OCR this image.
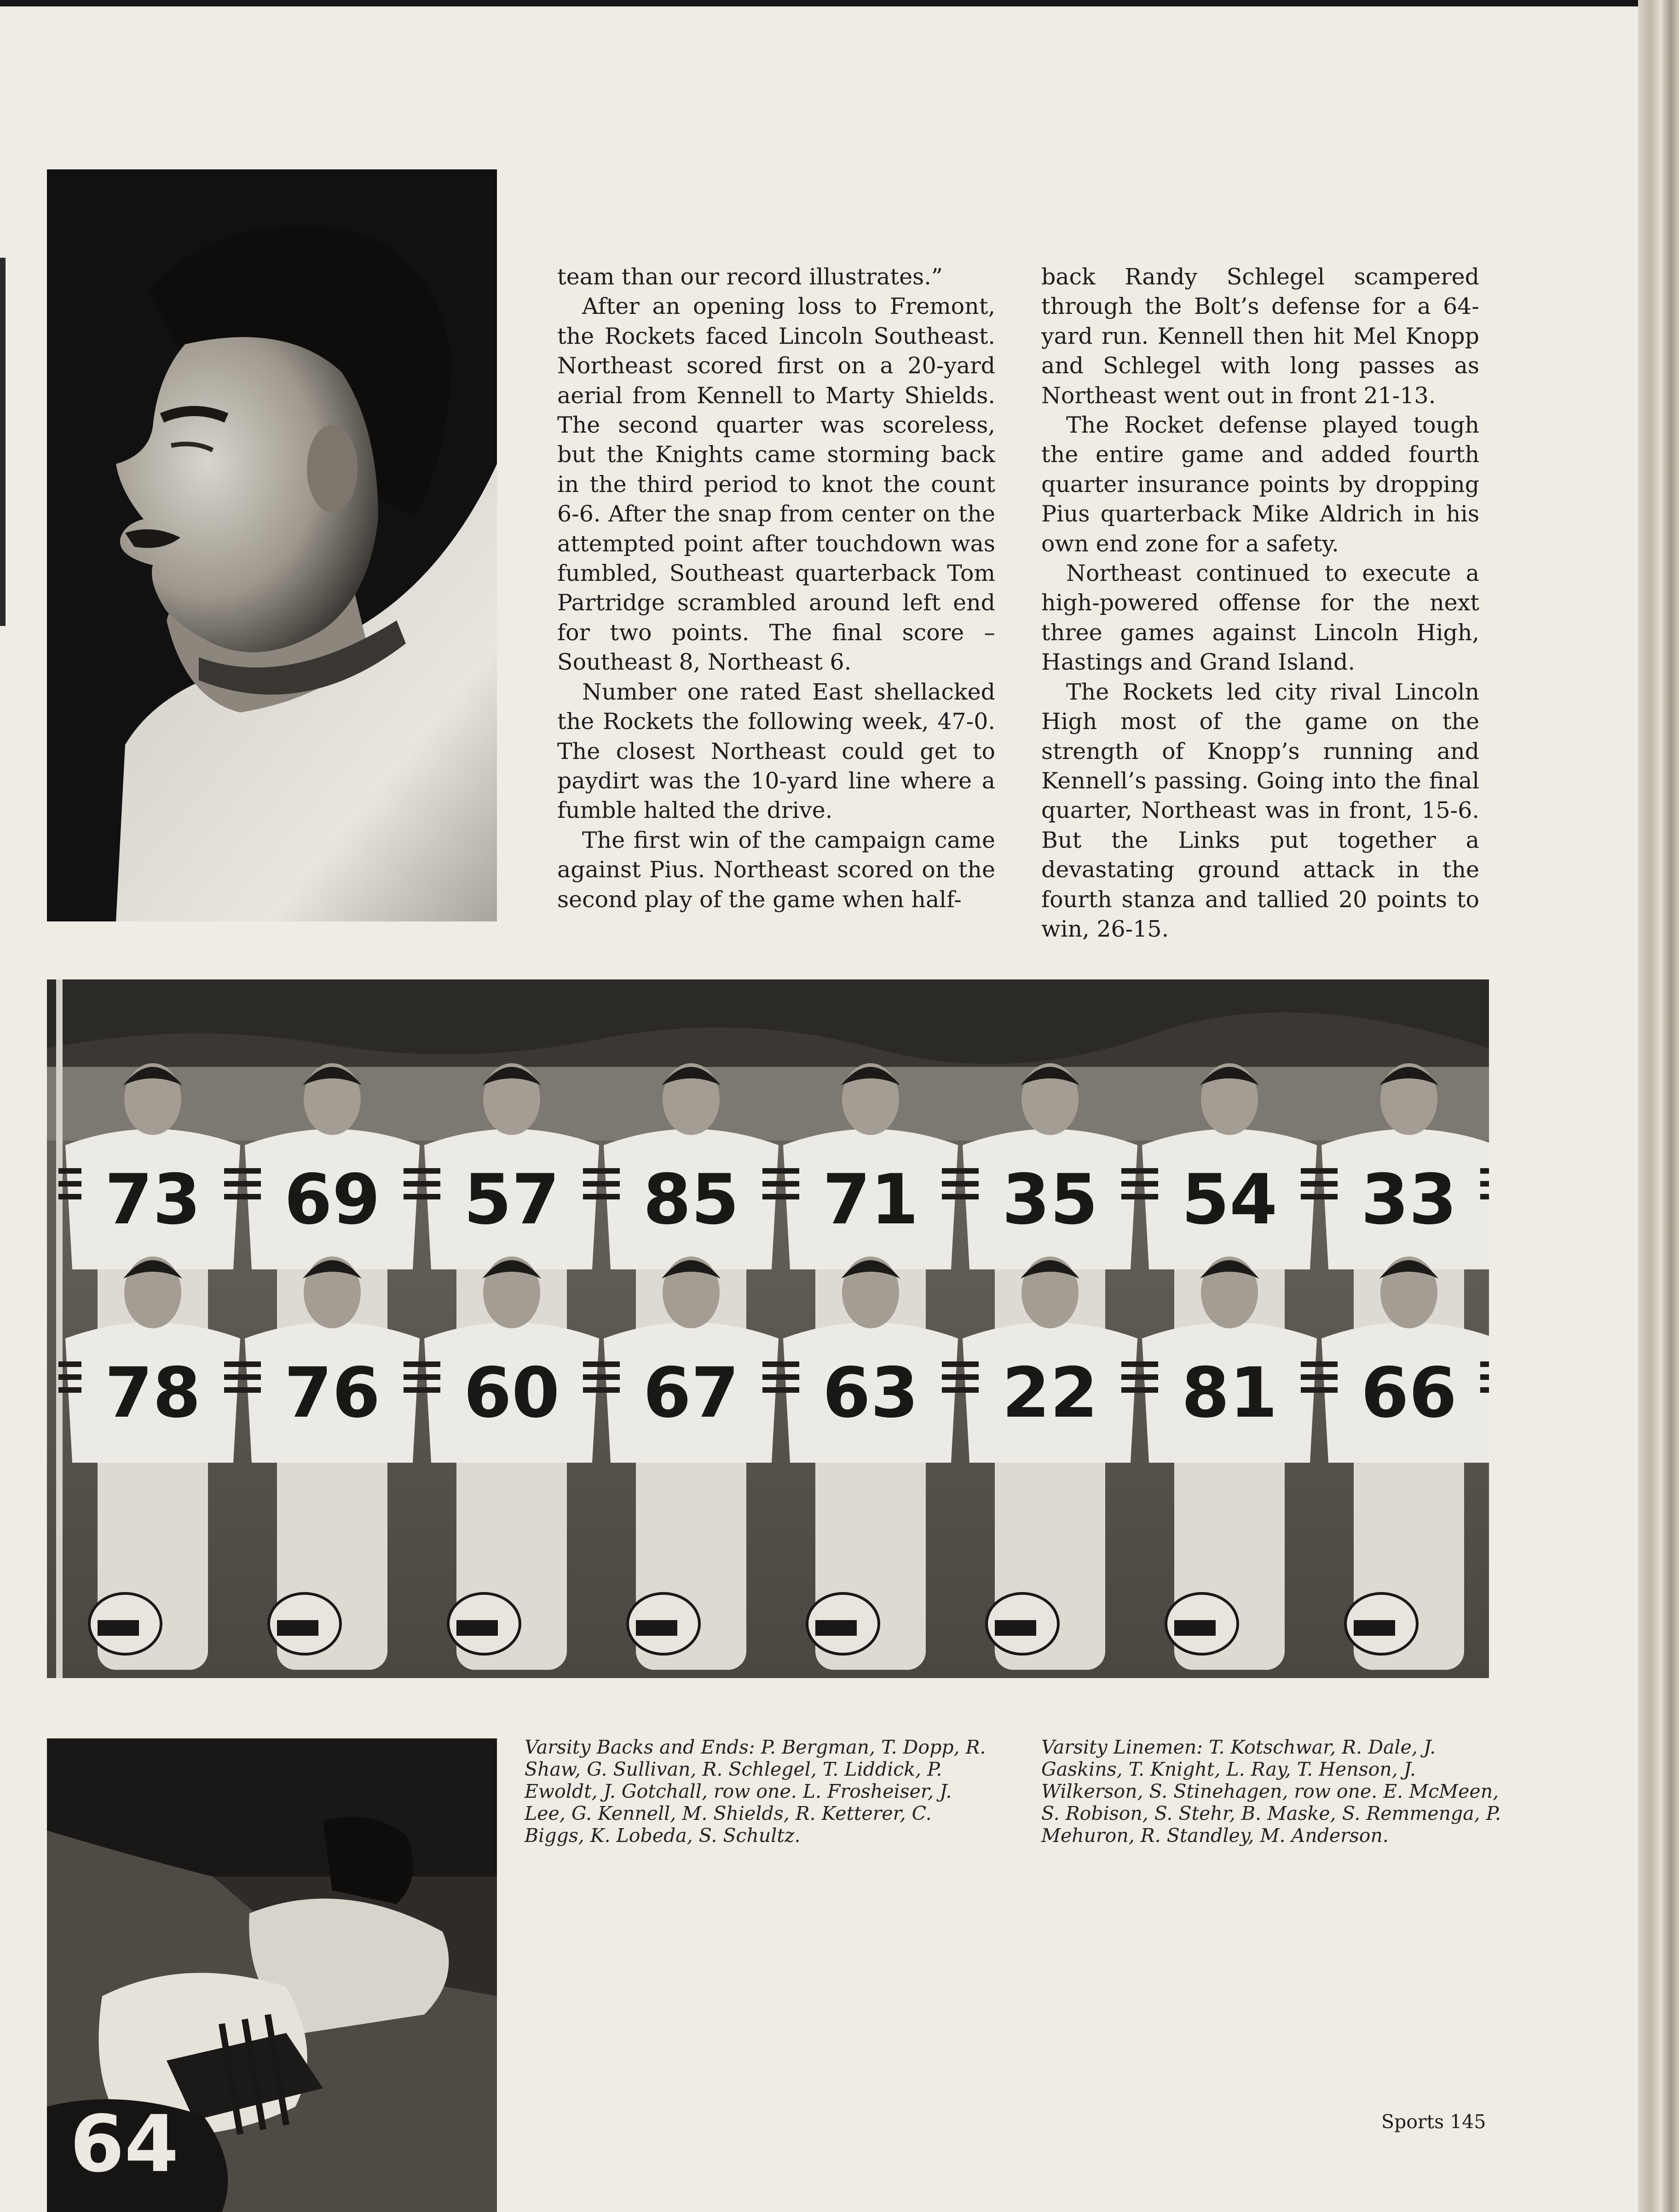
team than our record illustrates.”

After an opening loss to Fremont, the Rockets faced Lincoln Southeast. Northeast scored first on a 20-yard aerial from Kennell to Marty Shields. The second quarter was scoreless, but the Knights came storming back in the third period to knot the count 6-6. After the snap from center on the attempted point after touchdown was fumbled, Southeast quarterback Tom Partridge scrambled around left end for two points. The final score – Southeast 8, Northeast 6.

Number one rated East shellacked the Rockets the following week, 47-0. The closest Northeast could get to paydirt was the 10-yard line where a fumble halted the drive.

The first win of the campaign came against Pius. Northeast scored on the second play of the game when half-

back Randy Schlegel scampered through the Bolt’s defense for a 64-yard run. Kennell then hit Mel Knopp and Schlegel with long passes as Northeast went out in front 21-13.

The Rocket defense played tough the entire game and added fourth quarter insurance points by dropping Pius quarterback Mike Aldrich in his own end zone for a safety.

Northeast continued to execute a high-powered offense for the next three games against Lincoln High, Hastings and Grand Island.

The Rockets led city rival Lincoln High most of the game on the strength of Knopp’s running and Kennell’s passing. Going into the final quarter, Northeast was in front, 15-6. But the Links put together a devastating ground attack in the fourth stanza and tallied 20 points to win, 26-15.

73 69 57 85 71 35 54 33
78 76 60 67 63 22 81 66
64
Varsity Backs and Ends: P. Bergman, T. Dopp, R. Shaw, G. Sullivan, R. Schlegel, T. Liddick, P. Ewoldt, J. Gotchall, row one. L. Frosheiser, J. Lee, G. Kennell, M. Shields, R. Ketterer, C. Biggs, K. Lobeda, S. Schultz.
Varsity Linemen: T. Kotschwar, R. Dale, J. Gaskins, T. Knight, L. Ray, T. Henson, J. Wilkerson, S. Stinehagen, row one. E. McMeen, S. Robison, S. Stehr, B. Maske, S. Remmenga, P. Mehuron, R. Standley, M. Anderson.
Sports 145
